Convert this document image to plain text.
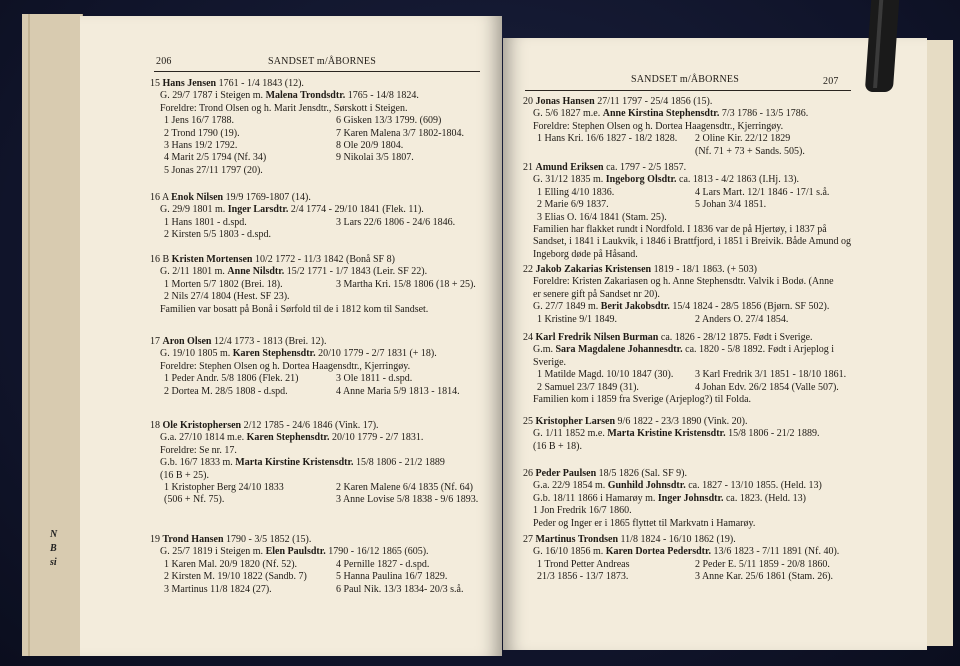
N
B
si
206	SANDSET m/ÅBORNES
15 Hans Jensen 1761 - 1/4 1843 (12).
G. 29/7 1787 i Steigen m. Malena Trondsdtr. 1765 - 14/8 1824.
Foreldre: Trond Olsen og h. Marit Jensdtr., Sørskott i Steigen.
1 Jens 16/7 1788.	6 Gisken 13/3 1799. (609)
2 Trond 1790 (19).	7 Karen Malena 3/7 1802-1804.
3 Hans 19/2 1792.	8 Ole 20/9 1804.
4 Marit 2/5 1794 (Nf. 34)	9 Nikolai 3/5 1807.
5 Jonas 27/11 1797 (20).
16 A Enok Nilsen 19/9 1769-1807 (14).
G. 29/9 1801 m. Inger Larsdtr. 2/4 1774 - 29/10 1841 (Flek. 11).
1 Hans 1801 - d.spd.	3 Lars 22/6 1806 - 24/6 1846.
2 Kirsten 5/5 1803 - d.spd.
16 B Kristen Mortensen 10/2 1772 - 11/3 1842 (Bonå SF 8)
G. 2/11 1801 m. Anne Nilsdtr. 15/2 1771 - 1/7 1843 (Leir. SF 22).
1 Morten 5/7 1802 (Brei. 18).	3 Martha Kri. 15/8 1806 (18 + 25).
2 Nils 27/4 1804 (Hest. SF 23).
Familien var bosatt på Bonå i Sørfold til de i 1812 kom til Sandset.
17 Aron Olsen 12/4 1773 - 1813 (Brei. 12).
G. 19/10 1805 m. Karen Stephensdtr. 20/10 1779 - 2/7 1831 (+ 18).
Foreldre: Stephen Olsen og h. Dortea Haagensdtr., Kjerringøy.
1 Peder Andr. 5/8 1806 (Flek. 21)	3 Ole 1811 - d.spd.
2 Dortea M. 28/5 1808 - d.spd.	4 Anne Maria 5/9 1813 - 1814.
18 Ole Kristophersen 2/12 1785 - 24/6 1846 (Vink. 17).
G.a. 27/10 1814 m.e. Karen Stephensdtr. 20/10 1779 - 2/7 1831.
Foreldre: Se nr. 17.
G.b. 16/7 1833 m. Marta Kirstine Kristensdtr. 15/8 1806 - 21/2 1889
(16 B + 25).
1 Kristopher Berg 24/10 1833	2 Karen Malene 6/4 1835 (Nf. 64)
(506 + Nf. 75).	3 Anne Lovise 5/8 1838 - 9/6 1893.
19 Trond Hansen 1790 - 3/5 1852 (15).
G. 25/7 1819 i Steigen m. Elen Paulsdtr. 1790 - 16/12 1865 (605).
1 Karen Mal. 20/9 1820 (Nf. 52).	4 Pernille 1827 - d.spd.
2 Kirsten M. 19/10 1822 (Sandb. 7)	5 Hanna Paulina 16/7 1829.
3 Martinus 11/8 1824 (27).	6 Paul Nik. 13/3 1834- 20/3 s.å.
SANDSET m/ÅBORNES	207
20 Jonas Hansen 27/11 1797 - 25/4 1856 (15).
G. 5/6 1827 m.e. Anne Kirstina Stephensdtr. 7/3 1786 - 13/5 1786.
Foreldre: Stephen Olsen og h. Dortea Haagensdtr., Kjerringøy.
1 Hans Kri. 16/6 1827 - 18/2 1828.	2 Oline Kir. 22/12 1829
(Nf. 71 + 73 + Sands. 505).
21 Amund Eriksen ca. 1797 - 2/5 1857.
G. 31/12 1835 m. Ingeborg Olsdtr. ca. 1813 - 4/2 1863 (I.Hj. 13).
1 Elling 4/10 1836.	4 Lars Mart. 12/1 1846 - 17/1 s.å.
2 Marie 6/9 1837.	5 Johan 3/4 1851.
3 Elias O. 16/4 1841 (Stam. 25).
Familien har flakket rundt i Nordfold. I 1836 var de på Hjertøy, i 1837 på
Sandset, i 1841 i Laukvik, i 1846 i Brattfjord, i 1851 i Breivik. Både Amund og
Ingeborg døde på Håsand.
22 Jakob Zakarias Kristensen 1819 - 18/1 1863. (+ 503)
Foreldre: Kristen Zakariasen og h. Anne Stephensdtr. Valvik i Bodø. (Anne
er senere gift på Sandset nr 20).
G. 27/7 1849 m. Berit Jakobsdtr. 15/4 1824 - 28/5 1856 (Bjørn. SF 502).
1 Kristine 9/1 1849.	2 Anders O. 27/4 1854.
24 Karl Fredrik Nilsen Burman ca. 1826 - 28/12 1875. Født i Sverige.
G.m. Sara Magdalene Johannesdtr. ca. 1820 - 5/8 1892. Født i Arjeplog i
Sverige.
1 Matilde Magd. 10/10 1847 (30).	3 Karl Fredrik 3/1 1851 - 18/10 1861.
2 Samuel 23/7 1849 (31).	4 Johan Edv. 26/2 1854 (Valle 507).
Familien kom i 1859 fra Sverige (Arjeplog?) til Folda.
25 Kristopher Larsen 9/6 1822 - 23/3 1890 (Vink. 20).
G. 1/11 1852 m.e. Marta Kristine Kristensdtr. 15/8 1806 - 21/2 1889.
(16 B + 18).
26 Peder Paulsen 18/5 1826 (Sal. SF 9).
G.a. 22/9 1854 m. Gunhild Johnsdtr. ca. 1827 - 13/10 1855. (Held. 13)
G.b. 18/11 1866 i Hamarøy m. Inger Johnsdtr. ca. 1823. (Held. 13)
1 Jon Fredrik 16/7 1860.
Peder og Inger er i 1865 flyttet til Markvatn i Hamarøy.
27 Martinus Trondsen 11/8 1824 - 16/10 1862 (19).
G. 16/10 1856 m. Karen Dortea Pedersdtr. 13/6 1823 - 7/11 1891 (Nf. 40).
1 Trond Petter Andreas	2 Peder E. 5/11 1859 - 20/8 1860.
21/3 1856 - 13/7 1873.	3 Anne Kar. 25/6 1861 (Stam. 26).
